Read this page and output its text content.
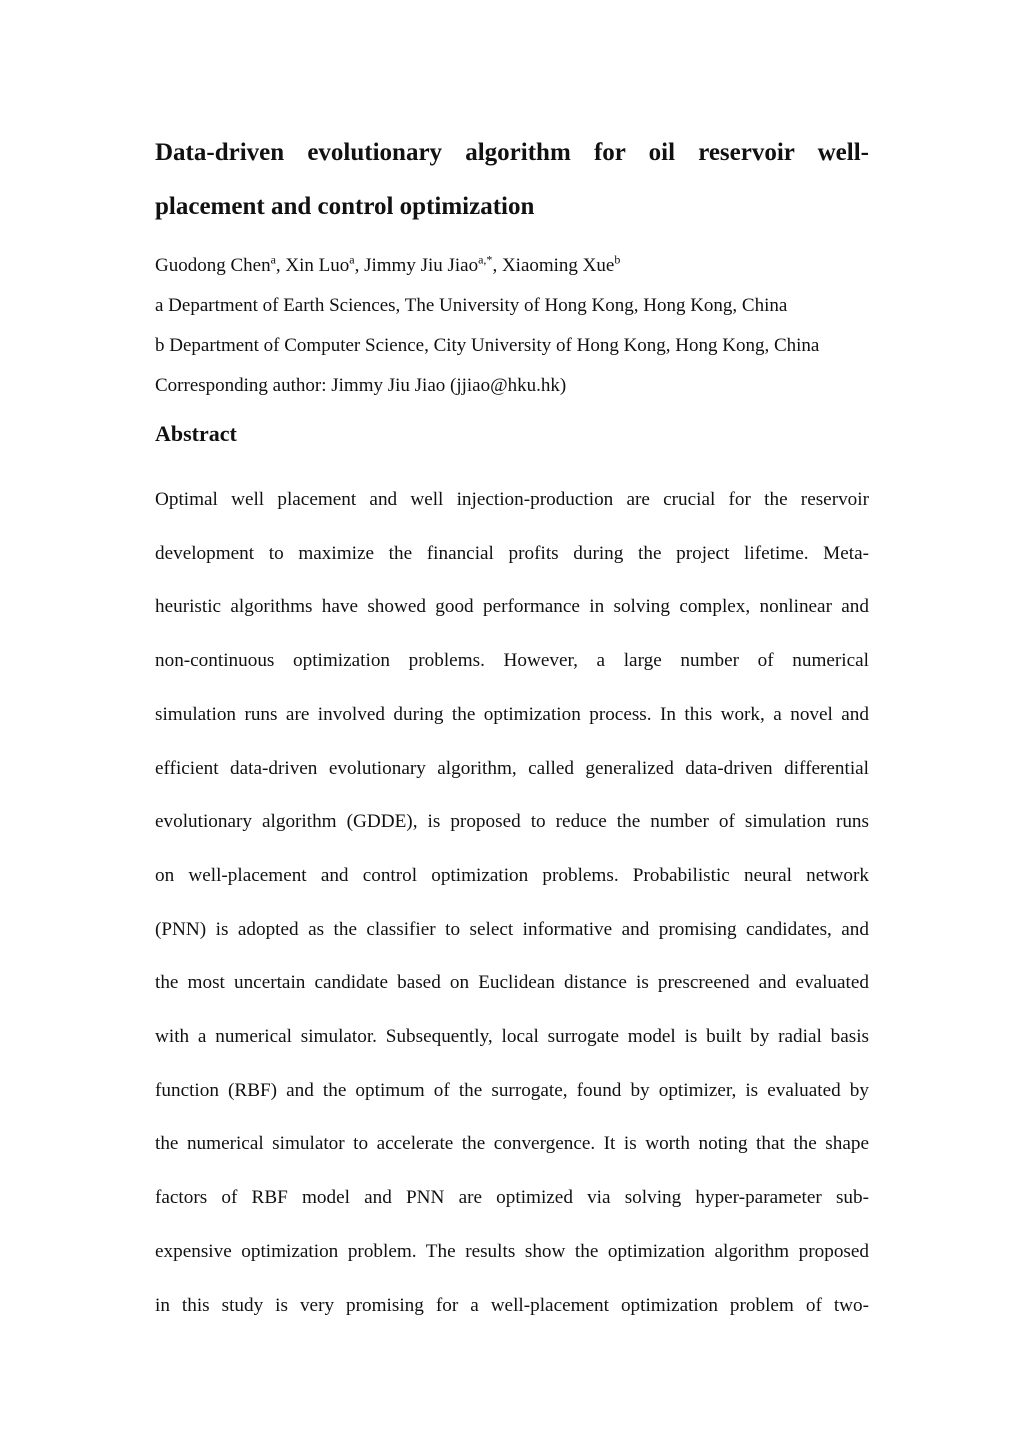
Data-driven evolutionary algorithm for oil reservoir well-placement and control optimization

Guodong Chen$^a$, Xin Luo$^a$, Jimmy Jiu Jiao$^{a,*}$, Xiaoming Xue$^b$

a Department of Earth Sciences, The University of Hong Kong, Hong Kong, China

b Department of Computer Science, City University of Hong Kong, Hong Kong, China

Corresponding author: Jimmy Jiu Jiao (jjiao@hku.hk)

Abstract
Optimal well placement and well injection-production are crucial for the reservoir
development to maximize the financial profits during the project lifetime. Meta-
heuristic algorithms have showed good performance in solving complex, nonlinear and
non-continuous optimization problems. However, a large number of numerical
simulation runs are involved during the optimization process. In this work, a novel and
efficient data-driven evolutionary algorithm, called generalized data-driven differential
evolutionary algorithm (GDDE), is proposed to reduce the number of simulation runs
on well-placement and control optimization problems. Probabilistic neural network
(PNN) is adopted as the classifier to select informative and promising candidates, and
the most uncertain candidate based on Euclidean distance is prescreened and evaluated
with a numerical simulator. Subsequently, local surrogate model is built by radial basis
function (RBF) and the optimum of the surrogate, found by optimizer, is evaluated by
the numerical simulator to accelerate the convergence. It is worth noting that the shape
factors of RBF model and PNN are optimized via solving hyper-parameter sub-
expensive optimization problem. The results show the optimization algorithm proposed
in this study is very promising for a well-placement optimization problem of two-
